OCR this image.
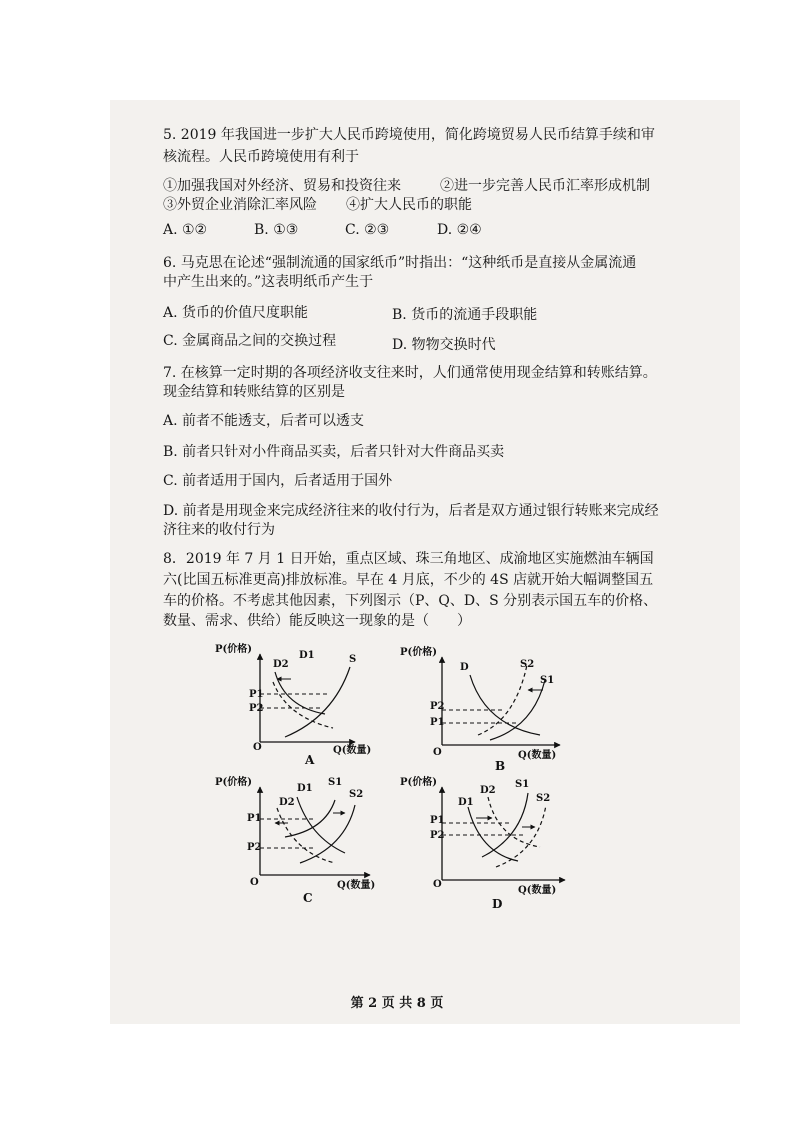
5. 2019 年我国进一步扩大人民币跨境使用，简化跨境贸易人民币结算手续和审
核流程。人民币跨境使用有利于
①加强我国对外经济、贸易和投资往来	②进一步完善人民币汇率形成机制
③外贸企业消除汇率风险 ④扩大人民币的职能
A. ①②	B. ①③	C. ②③	D. ②④
6. 马克思在论述“强制流通的国家纸币”时指出：“这种纸币是直接从金属流通
中产生出来的。”这表明纸币产生于
A. 货币的价值尺度职能	B. 货币的流通手段职能
C. 金属商品之间的交换过程	D. 物物交换时代
7. 在核算一定时期的各项经济收支往来时，人们通常使用现金结算和转账结算。
现金结算和转账结算的区别是
A. 前者不能透支，后者可以透支
B. 前者只针对小件商品买卖，后者只针对大件商品买卖
C. 前者适用于国内，后者适用于国外
D. 前者是用现金来完成经济往来的收付行为，后者是双方通过银行转账来完成经
济往来的收付行为
8．2019 年 7 月 1 日开始，重点区域、珠三角地区、成渝地区实施燃油车辆国
六(比国五标准更高)排放标准。早在 4 月底，不少的 4S 店就开始大幅调整国五
车的价格。不考虑其他因素，下列图示（P、Q、D、S 分别表示国五车的价格、
数量、需求、供给）能反映这一现象的是（　　）
P(价格)
Q(数量)
O
D2
D1	S
P1
P2
A
P(价格)
Q(数量)
O
D	S2
S1
P2
P1
B
P(价格)
Q(数量)
O
D2
D1
S1
S2
P1
P2
C
P(价格)
Q(数量)
O
D1
D2
S1
S2
P1
P2
D
第 2 页 共 8 页
